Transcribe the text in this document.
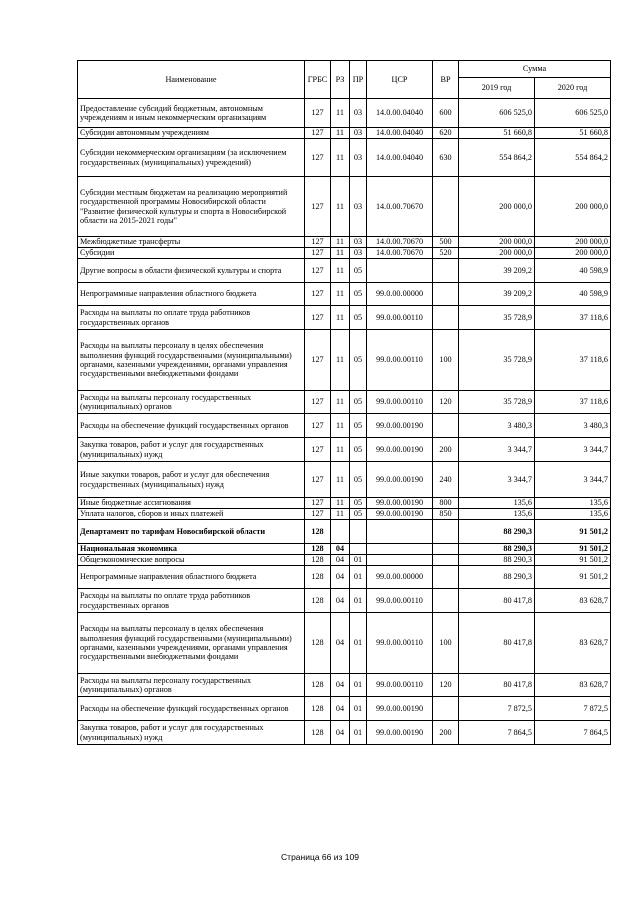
Наименование	ГРБС	РЗ	ПР	ЦСР	ВР	Сумма	
						2019 год	2020 год
Предоставление субсидий бюджетным, автономным учреждениям и иным некоммерческим организациям	127	11	03	14.0.00.04040	600	606 525,0	606 525,0
Субсидии автономным учреждениям	127	11	03	14.0.00.04040	620	51 660,8	51 660,8
Субсидии некоммерческим организациям (за исключением государственных (муниципальных) учреждений)	127	11	03	14.0.00.04040	630	554 864,2	554 864,2
Субсидии местным бюджетам на реализацию мероприятий государственной программы Новосибирской области "Развитие физической культуры и спорта в Новосибирской области на 2015-2021 годы"	127	11	03	14.0.00.70670		200 000,0	200 000,0
Межбюджетные трансферты	127	11	03	14.0.00.70670	500	200 000,0	200 000,0
Субсидии	127	11	03	14.0.00.70670	520	200 000,0	200 000,0
Другие вопросы в области физической культуры и спорта	127	11	05			39 209,2	40 598,9
Непрограммные направления областного бюджета	127	11	05	99.0.00.00000		39 209,2	40 598,9
Расходы на выплаты по оплате труда работников государственных органов	127	11	05	99.0.00.00110		35 728,9	37 118,6
Расходы на выплаты персоналу в целях обеспечения выполнения функций государственными (муниципальными) органами, казенными учреждениями, органами управления государственными внебюджетными фондами	127	11	05	99.0.00.00110	100	35 728,9	37 118,6
Расходы на выплаты персоналу государственных (муниципальных) органов	127	11	05	99.0.00.00110	120	35 728,9	37 118,6
Расходы на обеспечение функций государственных органов	127	11	05	99.0.00.00190		3 480,3	3 480,3
Закупка товаров, работ и услуг для государственных (муниципальных) нужд	127	11	05	99.0.00.00190	200	3 344,7	3 344,7
Иные закупки товаров, работ и услуг для обеспечения государственных (муниципальных) нужд	127	11	05	99.0.00.00190	240	3 344,7	3 344,7
Иные бюджетные ассигнования	127	11	05	99.0.00.00190	800	135,6	135,6
Уплата налогов, сборов и иных платежей	127	11	05	99.0.00.00190	850	135,6	135,6
Департамент по тарифам Новосибирской области	128					88 290,3	91 501,2
Национальная экономика	128	04				88 290,3	91 501,2
Общеэкономические вопросы	128	04	01			88 290,3	91 501,2
Непрограммные направления областного бюджета	128	04	01	99.0.00.00000		88 290,3	91 501,2
Расходы на выплаты по оплате труда работников государственных органов	128	04	01	99.0.00.00110		80 417,8	83 628,7
Расходы на выплаты персоналу в целях обеспечения выполнения функций государственными (муниципальными) органами, казенными учреждениями, органами управления государственными внебюджетными фондами	128	04	01	99.0.00.00110	100	80 417,8	83 628,7
Расходы на выплаты персоналу государственных (муниципальных) органов	128	04	01	99.0.00.00110	120	80 417,8	83 628,7
Расходы на обеспечение функций государственных органов	128	04	01	99.0.00.00190		7 872,5	7 872,5
Закупка товаров, работ и услуг для государственных (муниципальных) нужд	128	04	01	99.0.00.00190	200	7 864,5	7 864,5
Страница 66 из 109
